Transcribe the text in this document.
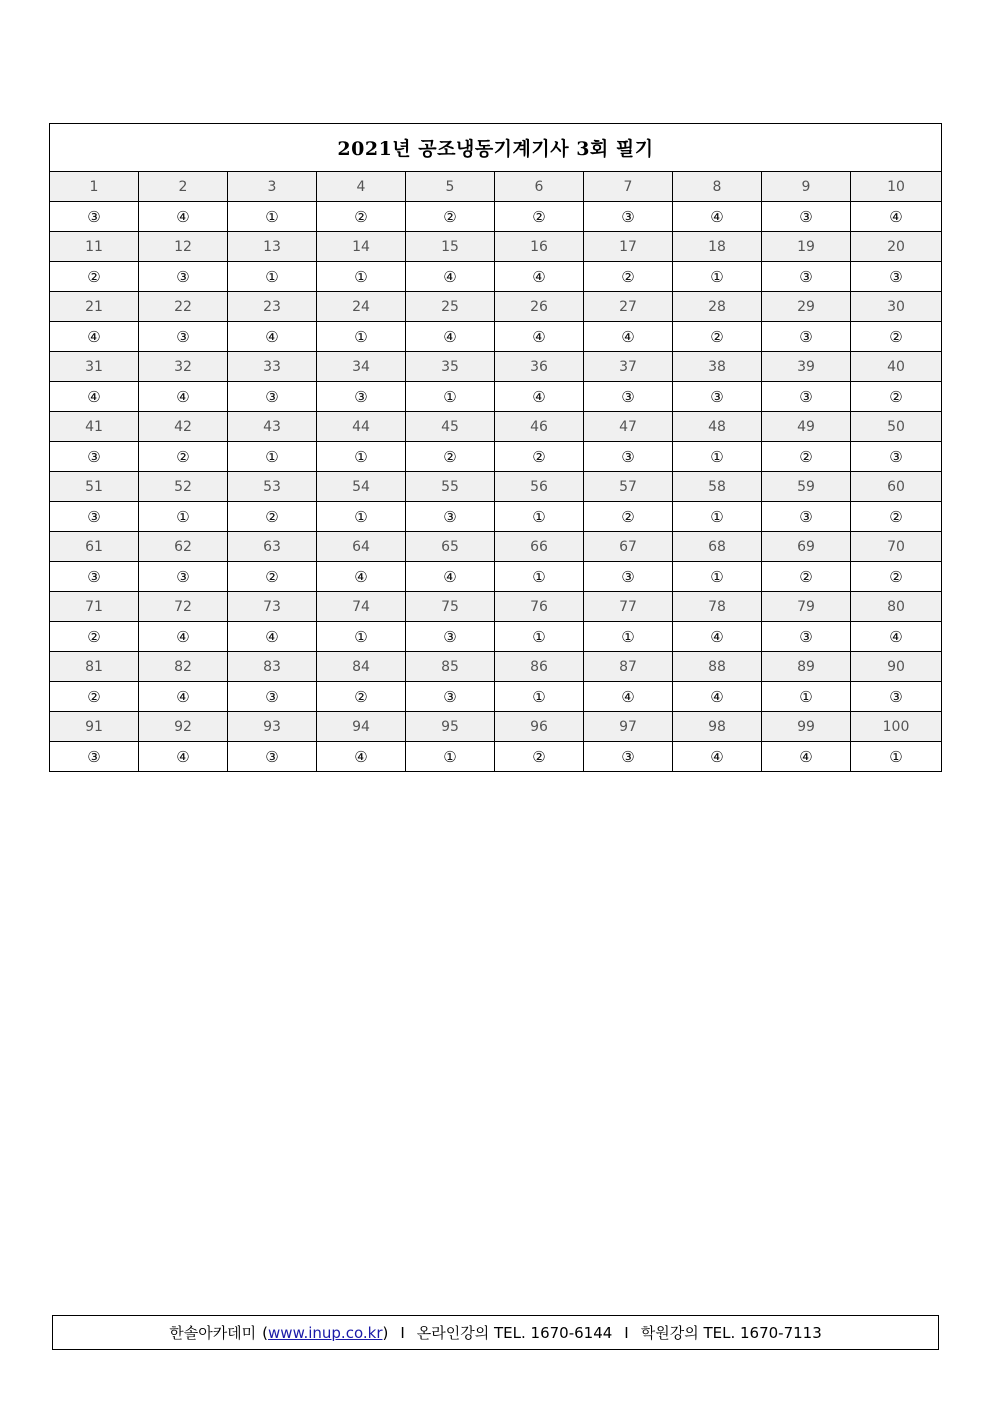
2021년 공조냉동기계기사 3회 필기									
1	2	3	4	5	6	7	8	9	10
③	④	①	②	②	②	③	④	③	④
11	12	13	14	15	16	17	18	19	20
②	③	①	①	④	④	②	①	③	③
21	22	23	24	25	26	27	28	29	30
④	③	④	①	④	④	④	②	③	②
31	32	33	34	35	36	37	38	39	40
④	④	③	③	①	④	③	③	③	②
41	42	43	44	45	46	47	48	49	50
③	②	①	①	②	②	③	①	②	③
51	52	53	54	55	56	57	58	59	60
③	①	②	①	③	①	②	①	③	②
61	62	63	64	65	66	67	68	69	70
③	③	②	④	④	①	③	①	②	②
71	72	73	74	75	76	77	78	79	80
②	④	④	①	③	①	①	④	③	④
81	82	83	84	85	86	87	88	89	90
②	④	③	②	③	①	④	④	①	③
91	92	93	94	95	96	97	98	99	100
③	④	③	④	①	②	③	④	④	①
한솔아카데미 ( www.inup.co.kr ) I 온라인강의 TEL. 1670-6144 I 학원강의 TEL. 1670-7113
